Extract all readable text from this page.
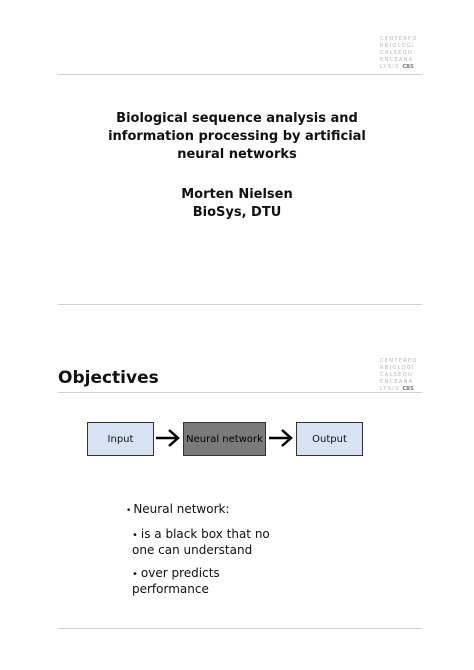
CENTERFO
RBIOLOGI
CALSEQU
ENCEANA
LYSIS CBS
Biological sequence analysis and
information processing by artificial
neural networks
Morten Nielsen
BioSys, DTU
Objectives
CENTERFO
RBIOLOGI
CALSEQU
ENCEANA
LYSIS CBS
Input	Neural network	Output
• Neural network:
• is a black box that no one can understand
• over predicts performance
